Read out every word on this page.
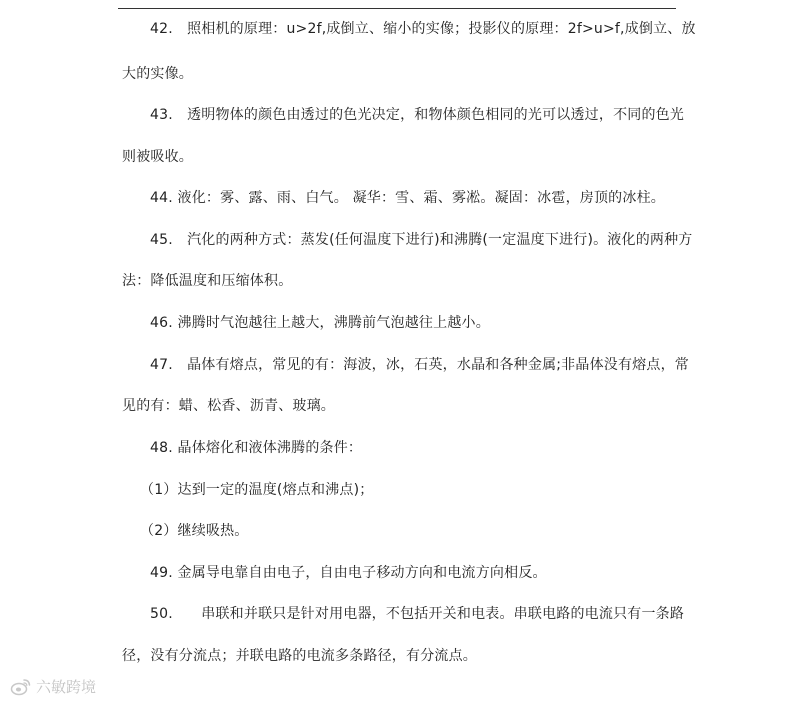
42.　照相机的原理：u>2f,成倒立、缩小的实像；投影仪的原理：2f>u>f,成倒立、放
大的实像。
43.　透明物体的颜色由透过的色光决定，和物体颜色相同的光可以透过，不同的色光
则被吸收。
44. 液化：雾、露、雨、白气。 凝华：雪、霜、雾凇。凝固：冰雹，房顶的冰柱。
45.　汽化的两种方式：蒸发(任何温度下进行)和沸腾(一定温度下进行)。液化的两种方
法：降低温度和压缩体积。
46. 沸腾时气泡越往上越大，沸腾前气泡越往上越小。
47.　晶体有熔点，常见的有：海波，冰，石英，水晶和各种金属;非晶体没有熔点，常
见的有：蜡、松香、沥青、玻璃。
48. 晶体熔化和液体沸腾的条件：
（1）达到一定的温度(熔点和沸点)；
（2）继续吸热。
49. 金属导电靠自由电子，自由电子移动方向和电流方向相反。
50.　　串联和并联只是针对用电器，不包括开关和电表。串联电路的电流只有一条路
径，没有分流点；并联电路的电流多条路径，有分流点。
六敏跨境
